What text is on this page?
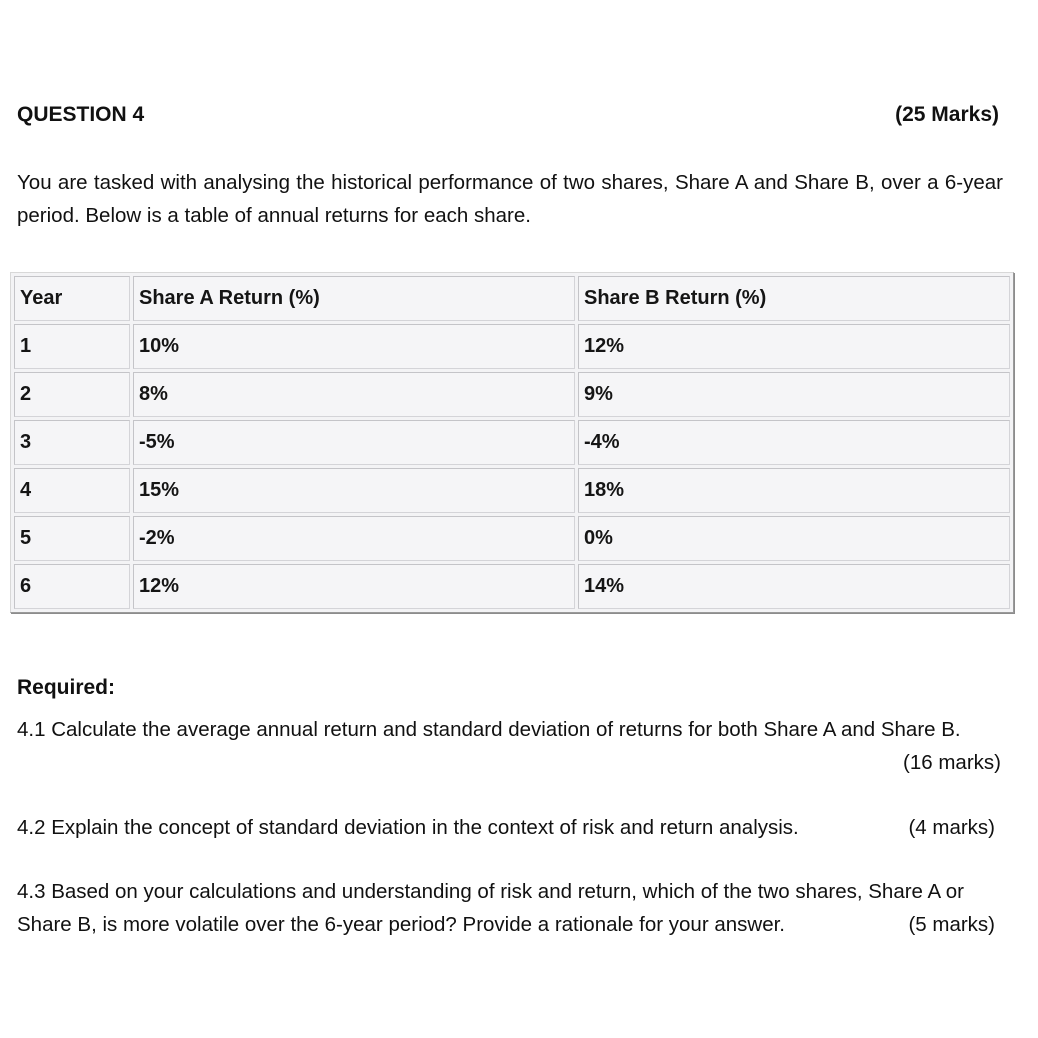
QUESTION 4	(25 Marks)
You are tasked with analysing the historical performance of two shares, Share A and Share B, over a 6-year period. Below is a table of annual returns for each share.
Year	Share A Return (%)	Share B Return (%)
1	10%	12%
2	8%	9%
3	-5%	-4%
4	15%	18%
5	-2%	0%
6	12%	14%
Required:
4.1 Calculate the average annual return and standard deviation of returns for both Share A and Share B.
(16 marks)
4.2 Explain the concept of standard deviation in the context of risk and return analysis.	(4 marks)
4.3 Based on your calculations and understanding of risk and return, which of the two shares, Share A or Share B, is more volatile over the 6-year period? Provide a rationale for your answer.	(5 marks)
